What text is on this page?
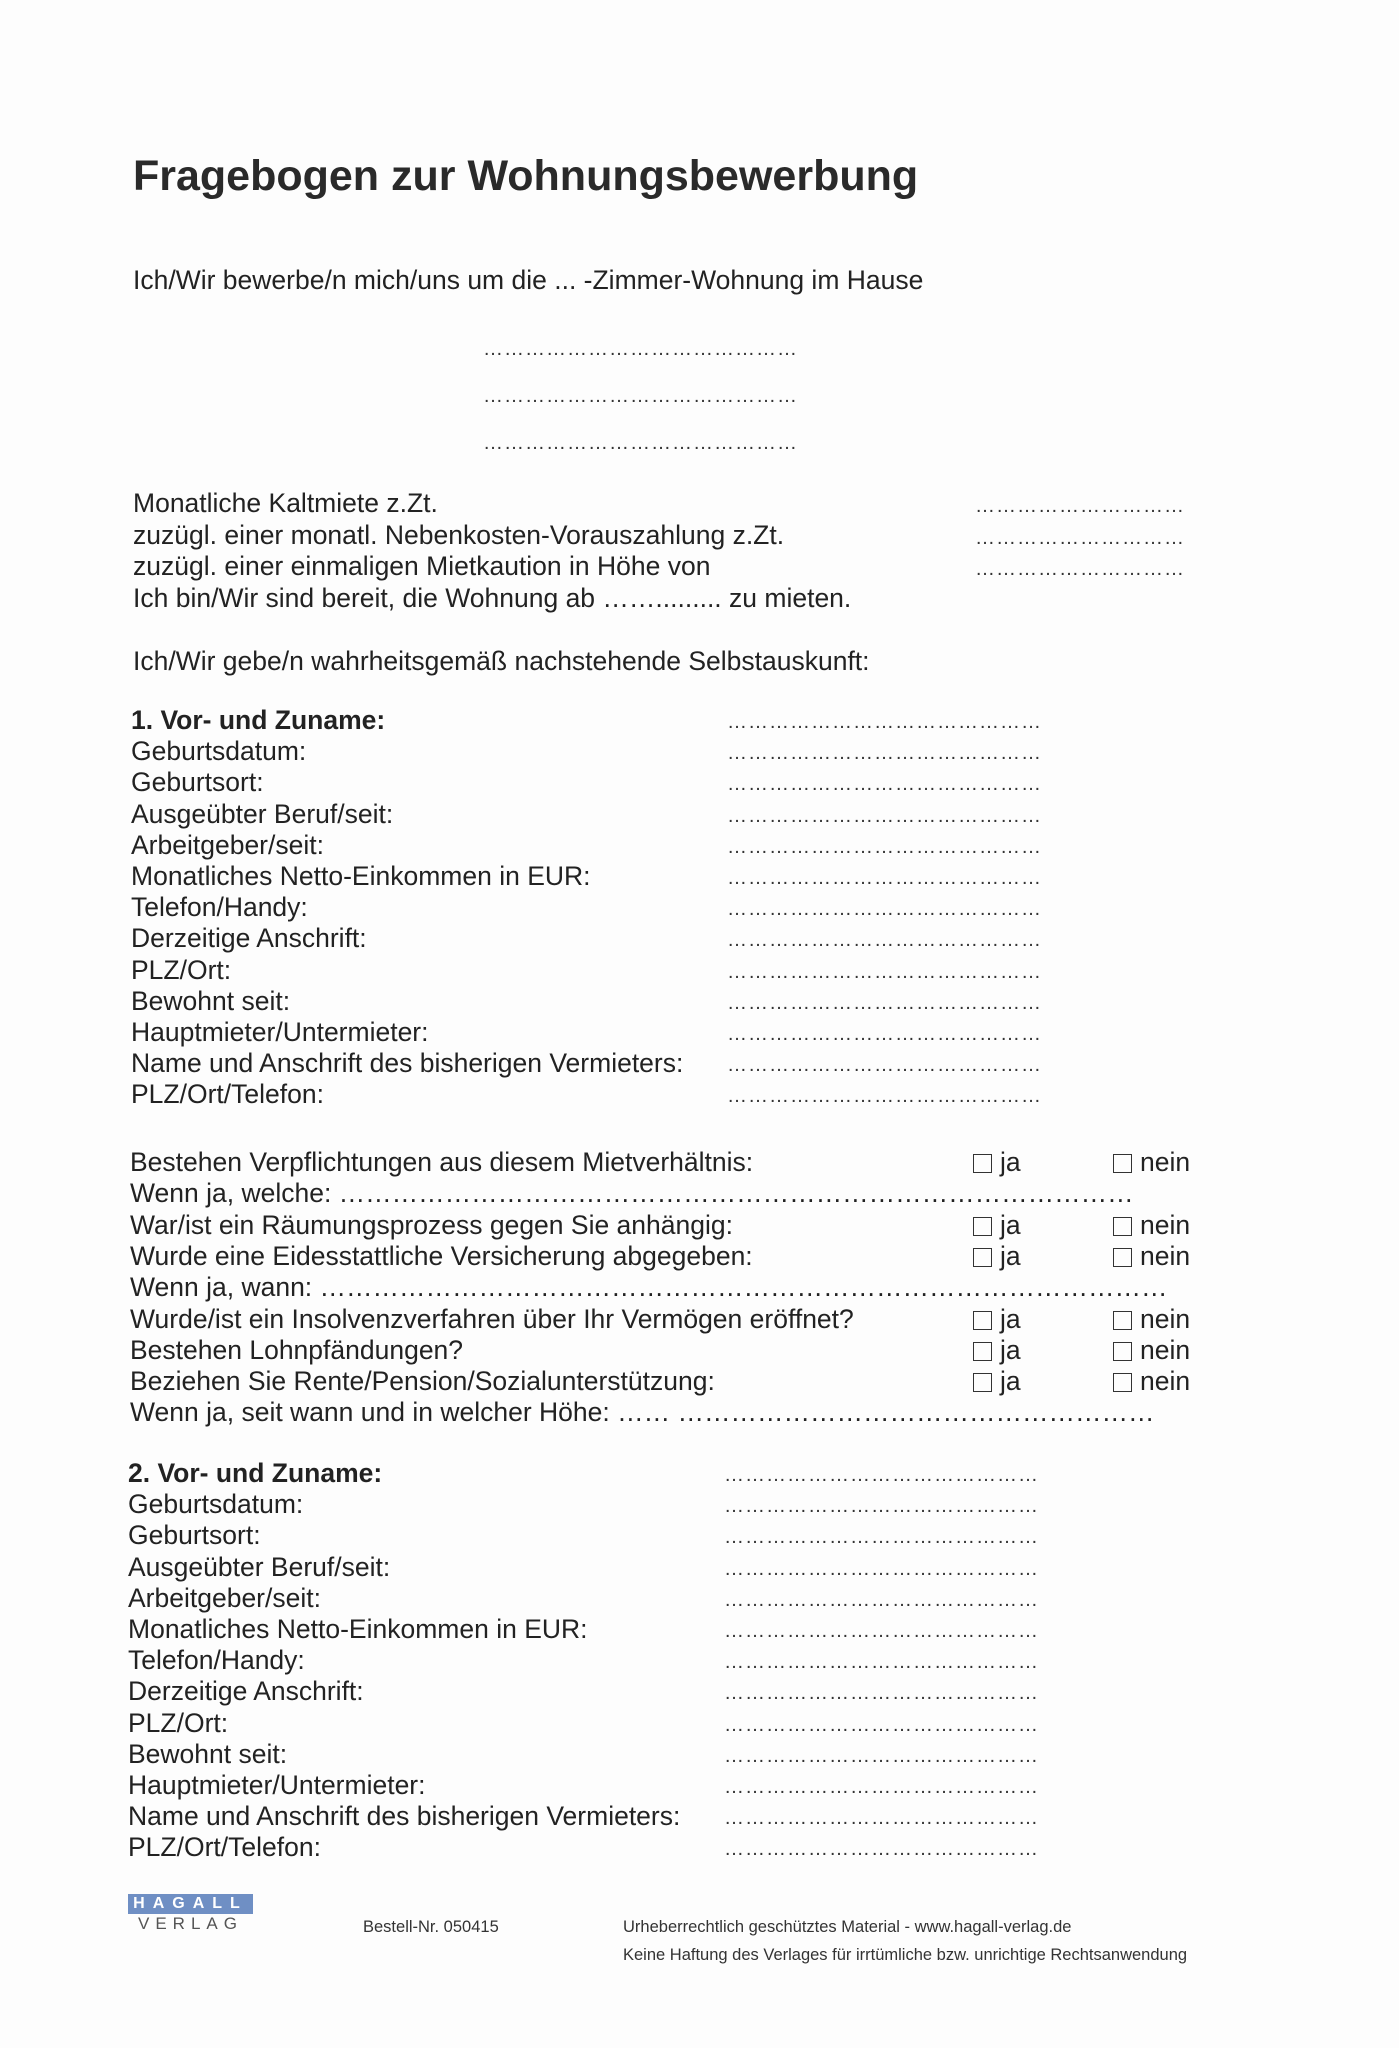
Fragebogen zur Wohnungsbewerbung
Ich/Wir bewerbe/n mich/uns um die ... -Zimmer-Wohnung im Hause
………………………………………
………………………………………
………………………………………
Monatliche Kaltmiete z.Zt.	…………………………
zuzügl. einer monatl. Nebenkosten-Vorauszahlung z.Zt.	…………………………
zuzügl. einer einmaligen Mietkaution in Höhe von	…………………………
Ich bin/Wir sind bereit, die Wohnung ab ……......... zu mieten.
Ich/Wir gebe/n wahrheitsgemäß nachstehende Selbstauskunft:
1. Vor- und Zuname:	………………………………………
Geburtsdatum:	………………………………………
Geburtsort:	………………………………………
Ausgeübter Beruf/seit:	………………………………………
Arbeitgeber/seit:	………………………………………
Monatliches Netto-Einkommen in EUR:	………………………………………
Telefon/Handy:	………………………………………
Derzeitige Anschrift:	………………………………………
PLZ/Ort:	………………………………………
Bewohnt seit:	………………………………………
Hauptmieter/Untermieter:	………………………………………
Name und Anschrift des bisherigen Vermieters: ………………………………………
PLZ/Ort/Telefon:	………………………………………
Bestehen Verpflichtungen aus diesem Mietverhältnis:	ja	nein
Wenn ja, welche: ………………………………………………………………………………
War/ist ein Räumungsprozess gegen Sie anhängig:	ja	nein
Wurde eine Eidesstattliche Versicherung abgegeben:	ja	nein
Wenn ja, wann: ……………………………………………………………………………………
Wurde/ist ein Insolvenzverfahren über Ihr Vermögen eröffnet?	ja	nein
Bestehen Lohnpfändungen?	ja	nein
Beziehen Sie Rente/Pension/Sozialunterstützung:	ja	nein
Wenn ja, seit wann und in welcher Höhe: …… ………………………………………………
2. Vor- und Zuname:	………………………………………
Geburtsdatum:	………………………………………
Geburtsort:	………………………………………
Ausgeübter Beruf/seit:	………………………………………
Arbeitgeber/seit:	………………………………………
Monatliches Netto-Einkommen in EUR:	………………………………………
Telefon/Handy:	………………………………………
Derzeitige Anschrift:	………………………………………
PLZ/Ort:	………………………………………
Bewohnt seit:	………………………………………
Hauptmieter/Untermieter:	………………………………………
Name und Anschrift des bisherigen Vermieters: ………………………………………
PLZ/Ort/Telefon:	………………………………………
HAGALL
VERLAG	Bestell-Nr. 050415	Urheberrechtlich geschütztes Material - www.hagall-verlag.de
Keine Haftung des Verlages für irrtümliche bzw. unrichtige Rechtsanwendung
